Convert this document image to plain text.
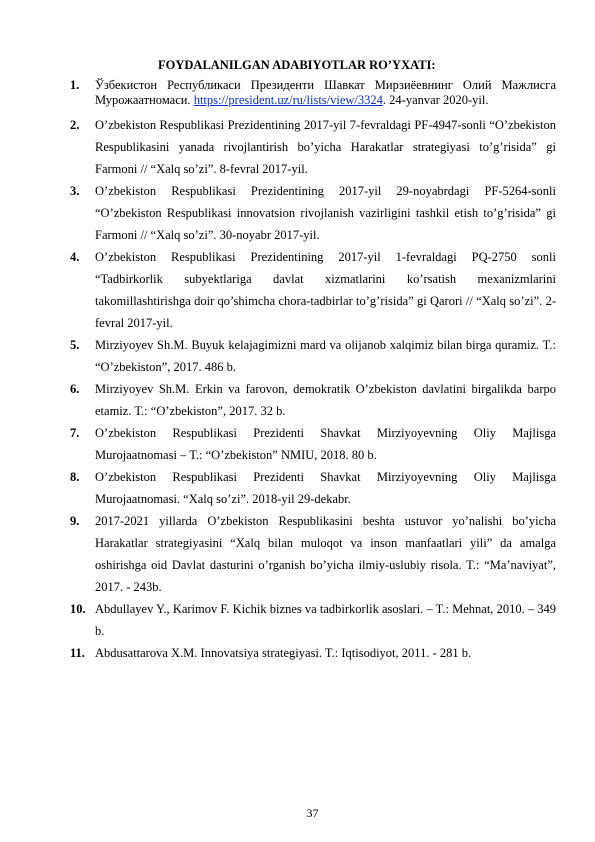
FOYDALANILGAN ADABIYOTLAR RO’YXATI:
1. Ўзбекистон Республикаси Президенти Шавкат Мирзиёевнинг Олий Мажлисга Мурожаатномаси. https://president.uz/ru/lists/view/3324. 24-yanvar 2020-yil.
2. O’zbekiston Respublikasi Prezidentining 2017-yil 7-fevraldagi PF-4947-sonli “O’zbekiston Respublikasini yanada rivojlantirish bo’yicha Harakatlar strategiyasi to’g’risida” gi Farmoni // “Xalq so’zi”. 8-fevral 2017-yil.
3. O’zbekiston Respublikasi Prezidentining 2017-yil 29-noyabrdagi PF-5264-sonli “O’zbekiston Respublikasi innovatsion rivojlanish vazirligini tashkil etish to’g’risida” gi Farmoni // “Xalq so’zi”. 30-noyabr 2017-yil.
4. O’zbekiston Respublikasi Prezidentining 2017-yil 1-fevraldagi PQ-2750 sonli “Tadbirkorlik subyektlariga davlat xizmatlarini ko’rsatish mexanizmlarini takomillashtirishga doir qo’shimcha chora-tadbirlar to’g’risida” gi Qarori // “Xalq so’zi”. 2-fevral 2017-yil.
5. Mirziyoyev Sh.M. Buyuk kelajagimizni mard va olijanob xalqimiz bilan birga quramiz. T.: “O’zbekiston”, 2017. 486 b.
6. Mirziyoyev Sh.M. Erkin va farovon, demokratik O’zbekiston davlatini birgalikda barpo etamiz. T.: “O’zbekiston”, 2017. 32 b.
7. O’zbekiston Respublikasi Prezidenti Shavkat Mirziyoyevning Oliy Majlisga Murojaatnomasi – T.: “O’zbekiston” NMIU, 2018. 80 b.
8. O’zbekiston Respublikasi Prezidenti Shavkat Mirziyoyevning Oliy Majlisga Murojaatnomasi. “Xalq so’zi”. 2018-yil 29-dekabr.
9. 2017-2021 yillarda O’zbekiston Respublikasini beshta ustuvor yo’nalishi bo’yicha Harakatlar strategiyasini “Xalq bilan muloqot va inson manfaatlari yili” da amalga oshirishga oid Davlat dasturini o’rganish bo’yicha ilmiy-uslubiy risola. T.: “Ma’naviyat”, 2017. - 243b.
10. Abdullayev Y., Karimov F. Kichik biznes va tadbirkorlik asoslari. – T.: Mehnat, 2010. – 349 b.
11. Abdusattarova X.M. Innovatsiya strategiyasi. T.: Iqtisodiyot, 2011. - 281 b.
37
